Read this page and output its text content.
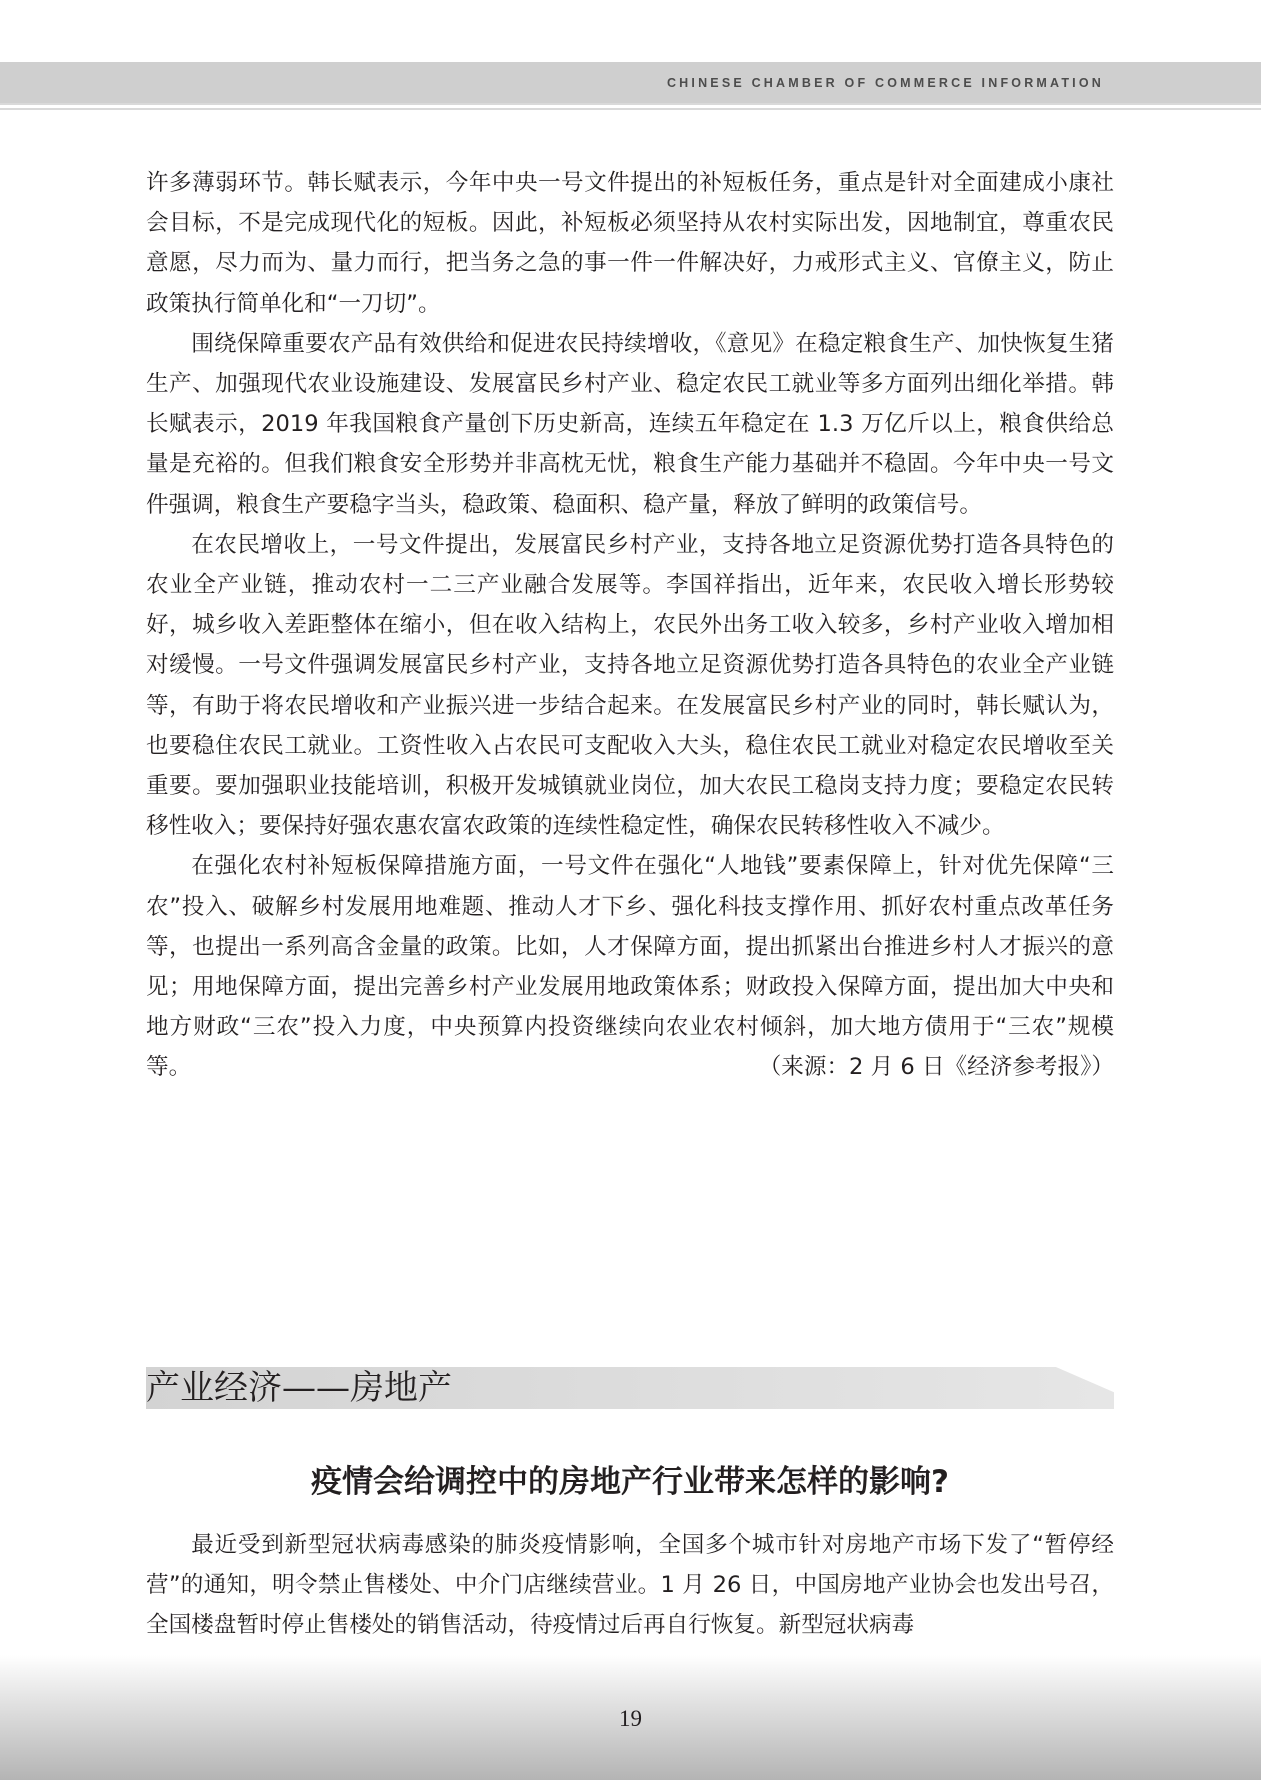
CHINESE CHAMBER OF COMMERCE INFORMATION

许多薄弱环节。韩长赋表示，今年中央一号文件提出的补短板任务，重点是针对全面建成小康社会目标，不是完成现代化的短板。因此，补短板必须坚持从农村实际出发，因地制宜，尊重农民意愿，尽力而为、量力而行，把当务之急的事一件一件解决好，力戒形式主义、官僚主义，防止政策执行简单化和“一刀切”。

围绕保障重要农产品有效供给和促进农民持续增收，《意见》在稳定粮食生产、加快恢复生猪生产、加强现代农业设施建设、发展富民乡村产业、稳定农民工就业等多方面列出细化举措。韩长赋表示，2019 年我国粮食产量创下历史新高，连续五年稳定在 1.3 万亿斤以上，粮食供给总量是充裕的。但我们粮食安全形势并非高枕无忧，粮食生产能力基础并不稳固。今年中央一号文件强调，粮食生产要稳字当头，稳政策、稳面积、稳产量，释放了鲜明的政策信号。

在农民增收上，一号文件提出，发展富民乡村产业，支持各地立足资源优势打造各具特色的农业全产业链，推动农村一二三产业融合发展等。李国祥指出，近年来，农民收入增长形势较好，城乡收入差距整体在缩小，但在收入结构上，农民外出务工收入较多，乡村产业收入增加相对缓慢。一号文件强调发展富民乡村产业，支持各地立足资源优势打造各具特色的农业全产业链等，有助于将农民增收和产业振兴进一步结合起来。在发展富民乡村产业的同时，韩长赋认为，也要稳住农民工就业。工资性收入占农民可支配收入大头，稳住农民工就业对稳定农民增收至关重要。要加强职业技能培训，积极开发城镇就业岗位，加大农民工稳岗支持力度；要稳定农民转移性收入；要保持好强农惠农富农政策的连续性稳定性，确保农民转移性收入不减少。

在强化农村补短板保障措施方面，一号文件在强化“人地钱”要素保障上，针对优先保障“三农”投入、破解乡村发展用地难题、推动人才下乡、强化科技支撑作用、抓好农村重点改革任务等，也提出一系列高含金量的政策。比如，人才保障方面，提出抓紧出台推进乡村人才振兴的意见；用地保障方面，提出完善乡村产业发展用地政策体系；财政投入保障方面，提出加大中央和地方财政“三农”投入力度，中央预算内投资继续向农业农村倾斜，加大地方债用于“三农”规模等。	（来源：2 月 6 日《经济参考报》）

产业经济——房地产
疫情会给调控中的房地产行业带来怎样的影响?

最近受到新型冠状病毒感染的肺炎疫情影响，全国多个城市针对房地产市场下发了“暂停经营”的通知，明令禁止售楼处、中介门店继续营业。1 月 26 日，中国房地产业协会也发出号召，全国楼盘暂时停止售楼处的销售活动，待疫情过后再自行恢复。新型冠状病毒

19
